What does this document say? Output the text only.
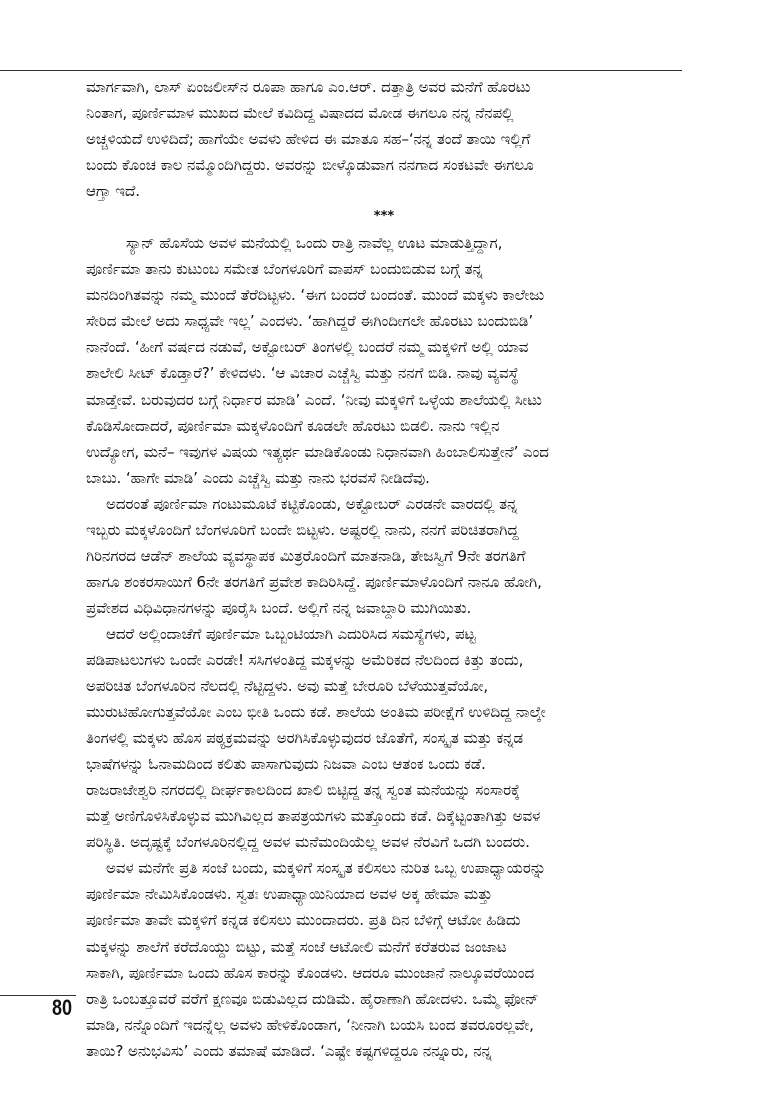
ಮಾರ್ಗವಾಗಿ, ಲಾಸ್ ಏಂಜಲೀಸ್‌ನ ರೂಪಾ ಹಾಗೂ ಎಂ.ಆರ್. ದತ್ತಾತ್ರಿ ಅವರ ಮನೆಗೆ ಹೊರಟು
ನಿಂತಾಗ, ಪೂರ್ಣಿಮಾಳ ಮುಖದ ಮೇಲೆ ಕವಿದಿದ್ದ ವಿಷಾದದ ಮೋಡ ಈಗಲೂ ನನ್ನ ನೆನಪಲ್ಲಿ
ಅಚ್ಚಳಿಯದೆ ಉಳಿದಿದೆ; ಹಾಗೆಯೇ ಅವಳು ಹೇಳಿದ ಈ ಮಾತೂ ಸಹ–‘ನನ್ನ ತಂದೆ ತಾಯಿ ಇಲ್ಲಿಗೆ
ಬಂದು ಕೊಂಚ ಕಾಲ ನಮ್ಮೊಂದಿಗಿದ್ದರು. ಅವರನ್ನು ಬೀಳ್ಕೊಡುವಾಗ ನನಗಾದ ಸಂಕಟವೇ ಈಗಲೂ
ಆಗ್ತಾ ಇದೆ.
***
ಸ್ಯಾನ್ ಹೊಸೆಯ ಅವಳ ಮನೆಯಲ್ಲಿ ಒಂದು ರಾತ್ರಿ ನಾವೆಲ್ಲ ಊಟ ಮಾಡುತ್ತಿದ್ದಾಗ,
ಪೂರ್ಣಿಮಾ ತಾನು ಕುಟುಂಬ ಸಮೇತ ಬೆಂಗಳೂರಿಗೆ ವಾಪಸ್ ಬಂದುಬಿಡುವ ಬಗ್ಗೆ ತನ್ನ
ಮನದಿಂಗಿತವನ್ನು ನಮ್ಮ ಮುಂದೆ ತೆರೆದಿಟ್ಟಳು. ‘ಈಗ ಬಂದರೆ ಬಂದಂತೆ. ಮುಂದೆ ಮಕ್ಕಳು ಕಾಲೇಜು
ಸೇರಿದ ಮೇಲೆ ಅದು ಸಾಧ್ಯವೇ ಇಲ್ಲ’ ಎಂದಳು. ‘ಹಾಗಿದ್ದರೆ ಈಗಿಂದೀಗಲೇ ಹೊರಟು ಬಂದುಬಿಡಿ’
ನಾನೆಂದೆ. ‘ಹೀಗೆ ವರ್ಷದ ನಡುವೆ, ಅಕ್ಟೋಬರ್ ತಿಂಗಳಲ್ಲಿ ಬಂದರೆ ನಮ್ಮ ಮಕ್ಕಳಿಗೆ ಅಲ್ಲಿ ಯಾವ
ಶಾಲೇಲಿ ಸೀಟ್ ಕೊಡ್ತಾರೆ?’ ಕೇಳಿದಳು. ‘ಆ ವಿಚಾರ ಎಚ್ಚೆಸ್ವಿ ಮತ್ತು ನನಗೆ ಬಿಡಿ. ನಾವು ವ್ಯವಸ್ಥೆ
ಮಾಡ್ತೇವೆ. ಬರುವುದರ ಬಗ್ಗೆ ನಿರ್ಧಾರ ಮಾಡಿ’ ಎಂದೆ. ‘ನೀವು ಮಕ್ಕಳಿಗೆ ಒಳ್ಳೆಯ ಶಾಲೆಯಲ್ಲಿ ಸೀಟು
ಕೊಡಿಸೋದಾದರೆ, ಪೂರ್ಣಿಮಾ ಮಕ್ಕಳೊಂದಿಗೆ ಕೂಡಲೇ ಹೊರಟು ಬಿಡಲಿ. ನಾನು ಇಲ್ಲಿನ
ಉದ್ಯೋಗ, ಮನೆ– ಇವುಗಳ ವಿಷಯ ಇತ್ಯರ್ಥ ಮಾಡಿಕೊಂಡು ನಿಧಾನವಾಗಿ ಹಿಂಬಾಲಿಸುತ್ತೇನೆ’ ಎಂದ
ಬಾಬು. ‘ಹಾಗೇ ಮಾಡಿ’ ಎಂದು ಎಚ್ಚೆಸ್ವಿ ಮತ್ತು ನಾನು ಭರವಸೆ ನೀಡಿದೆವು.
ಅದರಂತೆ ಪೂರ್ಣಿಮಾ ಗಂಟುಮೂಟೆ ಕಟ್ಟಿಕೊಂಡು, ಅಕ್ಟೋಬರ್ ಎರಡನೇ ವಾರದಲ್ಲಿ ತನ್ನ
ಇಬ್ಬರು ಮಕ್ಕಳೊಂದಿಗೆ ಬೆಂಗಳೂರಿಗೆ ಬಂದೇ ಬಿಟ್ಟಳು. ಅಷ್ಟರಲ್ಲಿ ನಾನು, ನನಗೆ ಪರಿಚಿತರಾಗಿದ್ದ
ಗಿರಿನಗರದ ಆಡೆನ್ ಶಾಲೆಯ ವ್ಯವಸ್ಥಾಪಕ ಮಿತ್ರರೊಂದಿಗೆ ಮಾತನಾಡಿ, ತೇಜಸ್ವಿಗೆ 9ನೇ ತರಗತಿಗೆ
ಹಾಗೂ ಶಂಕರಸಾಯಿಗೆ 6ನೇ ತರಗತಿಗೆ ಪ್ರವೇಶ ಕಾದಿರಿಸಿದ್ದೆ. ಪೂರ್ಣಿಮಾಳೊಂದಿಗೆ ನಾನೂ ಹೋಗಿ,
ಪ್ರವೇಶದ ವಿಧಿವಿಧಾನಗಳನ್ನು ಪೂರೈಸಿ ಬಂದೆ. ಅಲ್ಲಿಗೆ ನನ್ನ ಜವಾಬ್ದಾರಿ ಮುಗಿಯಿತು.
ಆದರೆ ಅಲ್ಲಿಂದಾಚೆಗೆ ಪೂರ್ಣಿಮಾ ಒಬ್ಬಂಟಿಯಾಗಿ ಎದುರಿಸಿದ ಸಮಸ್ಯೆಗಳು, ಪಟ್ಟ
ಪಡಿಪಾಟಲುಗಳು ಒಂದೇ ಎರಡೇ! ಸಸಿಗಳಂತಿದ್ದ ಮಕ್ಕಳನ್ನು ಅಮೆರಿಕದ ನೆಲದಿಂದ ಕಿತ್ತು ತಂದು,
ಅಪರಿಚಿತ ಬೆಂಗಳೂರಿನ ನೆಲದಲ್ಲಿ ನೆಟ್ಟಿದ್ದಳು. ಅವು ಮತ್ತೆ ಬೇರೂರಿ ಬೆಳೆಯುತ್ತವೆಯೋ,
ಮುರುಟಿಹೋಗುತ್ತವೆಯೋ ಎಂಬ ಭೀತಿ ಒಂದು ಕಡೆ. ಶಾಲೆಯ ಅಂತಿಮ ಪರೀಕ್ಷೆಗೆ ಉಳಿದಿದ್ದ ನಾಲ್ಕೇ
ತಿಂಗಳಲ್ಲಿ ಮಕ್ಕಳು ಹೊಸ ಪಠ್ಯಕ್ರಮವನ್ನು ಅರಗಿಸಿಕೊಳ್ಳುವುದರ ಜೊತೆಗೆ, ಸಂಸ್ಕೃತ ಮತ್ತು ಕನ್ನಡ
ಭಾಷೆಗಳನ್ನು ಓನಾಮದಿಂದ ಕಲಿತು ಪಾಸಾಗುವುದು ನಿಜವಾ ಎಂಬ ಆತಂಕ ಒಂದು ಕಡೆ.
ರಾಜರಾಜೇಶ್ವರಿ ನಗರದಲ್ಲಿ ದೀರ್ಘಕಾಲದಿಂದ ಖಾಲಿ ಬಿಟ್ಟಿದ್ದ ತನ್ನ ಸ್ವಂತ ಮನೆಯನ್ನು ಸಂಸಾರಕ್ಕೆ
ಮತ್ತೆ ಅಣಿಗೊಳಿಸಿಕೊಳ್ಳುವ ಮುಗಿವಿಲ್ಲದ ತಾಪತ್ರಯಗಳು ಮತ್ತೊಂದು ಕಡೆ. ದಿಕ್ಕೆಟ್ಟಂತಾಗಿತ್ತು ಅವಳ
ಪರಿಸ್ಥಿತಿ. ಅದೃಷ್ಟಕ್ಕೆ ಬೆಂಗಳೂರಿನಲ್ಲಿದ್ದ ಅವಳ ಮನೆಮಂದಿಯೆಲ್ಲ ಅವಳ ನೆರವಿಗೆ ಒದಗಿ ಬಂದರು.
ಅವಳ ಮನೆಗೇ ಪ್ರತಿ ಸಂಜೆ ಬಂದು, ಮಕ್ಕಳಿಗೆ ಸಂಸ್ಕೃತ ಕಲಿಸಲು ನುರಿತ ಒಬ್ಬ ಉಪಾಧ್ಯಾಯರನ್ನು
ಪೂರ್ಣಿಮಾ ನೇಮಿಸಿಕೊಂಡಳು. ಸ್ವತಃ ಉಪಾಧ್ಯಾಯಿನಿಯಾದ ಅವಳ ಅಕ್ಕ ಹೇಮಾ ಮತ್ತು
ಪೂರ್ಣಿಮಾ ತಾವೇ ಮಕ್ಕಳಿಗೆ ಕನ್ನಡ ಕಲಿಸಲು ಮುಂದಾದರು. ಪ್ರತಿ ದಿನ ಬೆಳಿಗ್ಗೆ ಆಟೋ ಹಿಡಿದು
ಮಕ್ಕಳನ್ನು ಶಾಲೆಗೆ ಕರೆದೊಯ್ದು ಬಿಟ್ಟು, ಮತ್ತೆ ಸಂಜೆ ಆಟೋಲಿ ಮನೆಗೆ ಕರೆತರುವ ಜಂಜಾಟ
ಸಾಕಾಗಿ, ಪೂರ್ಣಿಮಾ ಒಂದು ಹೊಸ ಕಾರನ್ನು ಕೊಂಡಳು. ಆದರೂ ಮುಂಜಾನೆ ನಾಲ್ಕೂವರೆಯಿಂದ
ರಾತ್ರಿ ಒಂಬತ್ತೂವರೆ ವರೆಗೆ ಕ್ಷಣವೂ ಬಿಡುವಿಲ್ಲದ ದುಡಿಮೆ. ಹೈರಾಣಾಗಿ ಹೋದಳು. ಒಮ್ಮೆ ಫೋನ್
ಮಾಡಿ, ನನ್ನೊಂದಿಗೆ ಇದನ್ನೆಲ್ಲ ಅವಳು ಹೇಳಿಕೊಂಡಾಗ, ‘ನೀನಾಗಿ ಬಯಸಿ ಬಂದ ತವರೂರಲ್ಲವೇ,
ತಾಯಿ? ಅನುಭವಿಸು’ ಎಂದು ತಮಾಷೆ ಮಾಡಿದೆ. ‘ಎಷ್ಟೇ ಕಷ್ಟಗಳಿದ್ದರೂ ನನ್ನೂರು, ನನ್ನ
80
